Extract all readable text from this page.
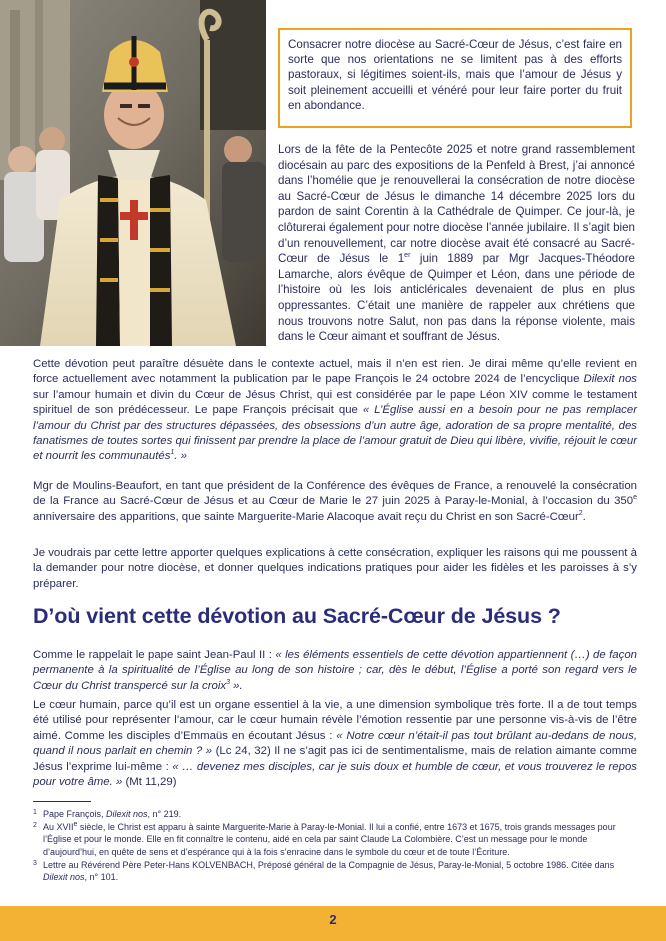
Consacrer notre diocèse au Sacré-Cœur de Jésus, c’est faire en sorte que nos orientations ne se limitent pas à des efforts pastoraux, si légitimes soient-ils, mais que l’amour de Jésus y soit pleinement accueilli et vénéré pour leur faire porter du fruit en abondance.

Lors de la fête de la Pentecôte 2025 et notre grand rassemblement diocésain au parc des expositions de la Penfeld à Brest, j’ai annoncé dans l’homélie que je renouvellerai la consécration de notre diocèse au Sacré-Cœur de Jésus le dimanche 14 décembre 2025 lors du pardon de saint Corentin à la Cathédrale de Quimper. Ce jour-là, je clôturerai également pour notre diocèse l’année jubilaire. Il s’agit bien d’un renouvellement, car notre diocèse avait été consacré au Sacré-Cœur de Jésus le 1er juin 1889 par Mgr Jacques-Théodore Lamarche, alors évêque de Quimper et Léon, dans une période de l’histoire où les lois anticléricales devenaient de plus en plus oppressantes. C’était une manière de rappeler aux chrétiens que nous trouvons notre Salut, non pas dans la réponse violente, mais dans le Cœur aimant et souffrant de Jésus.

Cette dévotion peut paraître désuète dans le contexte actuel, mais il n’en est rien. Je dirai même qu’elle revient en force actuellement avec notamment la publication par le pape François le 24 octobre 2024 de l’encyclique Dilexit nos sur l’amour humain et divin du Cœur de Jésus Christ, qui est considérée par le pape Léon XIV comme le testament spirituel de son prédécesseur. Le pape François précisait que « L’Église aussi en a besoin pour ne pas remplacer l’amour du Christ par des structures dépassées, des obsessions d’un autre âge, adoration de sa propre mentalité, des fanatismes de toutes sortes qui finissent par prendre la place de l’amour gratuit de Dieu qui libère, vivifie, réjouit le cœur et nourrit les communautés$^1$. »

Mgr de Moulins-Beaufort, en tant que président de la Conférence des évêques de France, a renouvelé la consécration de la France au Sacré-Cœur de Jésus et au Cœur de Marie le 27 juin 2025 à Paray-le-Monial, à l’occasion du 350e anniversaire des apparitions, que sainte Marguerite-Marie Alacoque avait reçu du Christ en son Sacré-Cœur$^2$.

Je voudrais par cette lettre apporter quelques explications à cette consécration, expliquer les raisons qui me poussent à la demander pour notre diocèse, et donner quelques indications pratiques pour aider les fidèles et les paroisses à s’y préparer.

D’où vient cette dévotion au Sacré-Cœur de Jésus ?

Comme le rappelait le pape saint Jean-Paul II : « les éléments essentiels de cette dévotion appartiennent (…) de façon permanente à la spiritualité de l’Église au long de son histoire ; car, dès le début, l’Église a porté son regard vers le Cœur du Christ transpercé sur la croix$^3$ ».

Le cœur humain, parce qu’il est un organe essentiel à la vie, a une dimension symbolique très forte. Il a de tout temps été utilisé pour représenter l’amour, car le cœur humain révèle l’émotion ressentie par une personne vis-à-vis de l’être aimé. Comme les disciples d’Emmaüs en écoutant Jésus : « Notre cœur n’était-il pas tout brûlant au-dedans de nous, quand il nous parlait en chemin ? » (Lc 24, 32) Il ne s’agit pas ici de sentimentalisme, mais de relation aimante comme Jésus l’exprime lui-même : « … devenez mes disciples, car je suis doux et humble de cœur, et vous trouverez le repos pour votre âme. » (Mt 11,29)

1 Pape François, Dilexit nos, n° 219.
2 Au XVIIe siècle, le Christ est apparu à sainte Marguerite-Marie à Paray-le-Monial. Il lui a confié, entre 1673 et 1675, trois grands messages pour l’Église et pour le monde. Elle en fit connaître le contenu, aidé en cela par saint Claude La Colombière. C’est un message pour le monde d’aujourd’hui, en quête de sens et d’espérance qui à la fois s’enracine dans le symbole du cœur et de toute l’Écriture.
3 Lettre au Révérend Père Peter-Hans KOLVENBACH, Préposé général de la Compagnie de Jésus, Paray-le-Monial, 5 octobre 1986. Citée dans Dilexit nos, n° 101.
2
